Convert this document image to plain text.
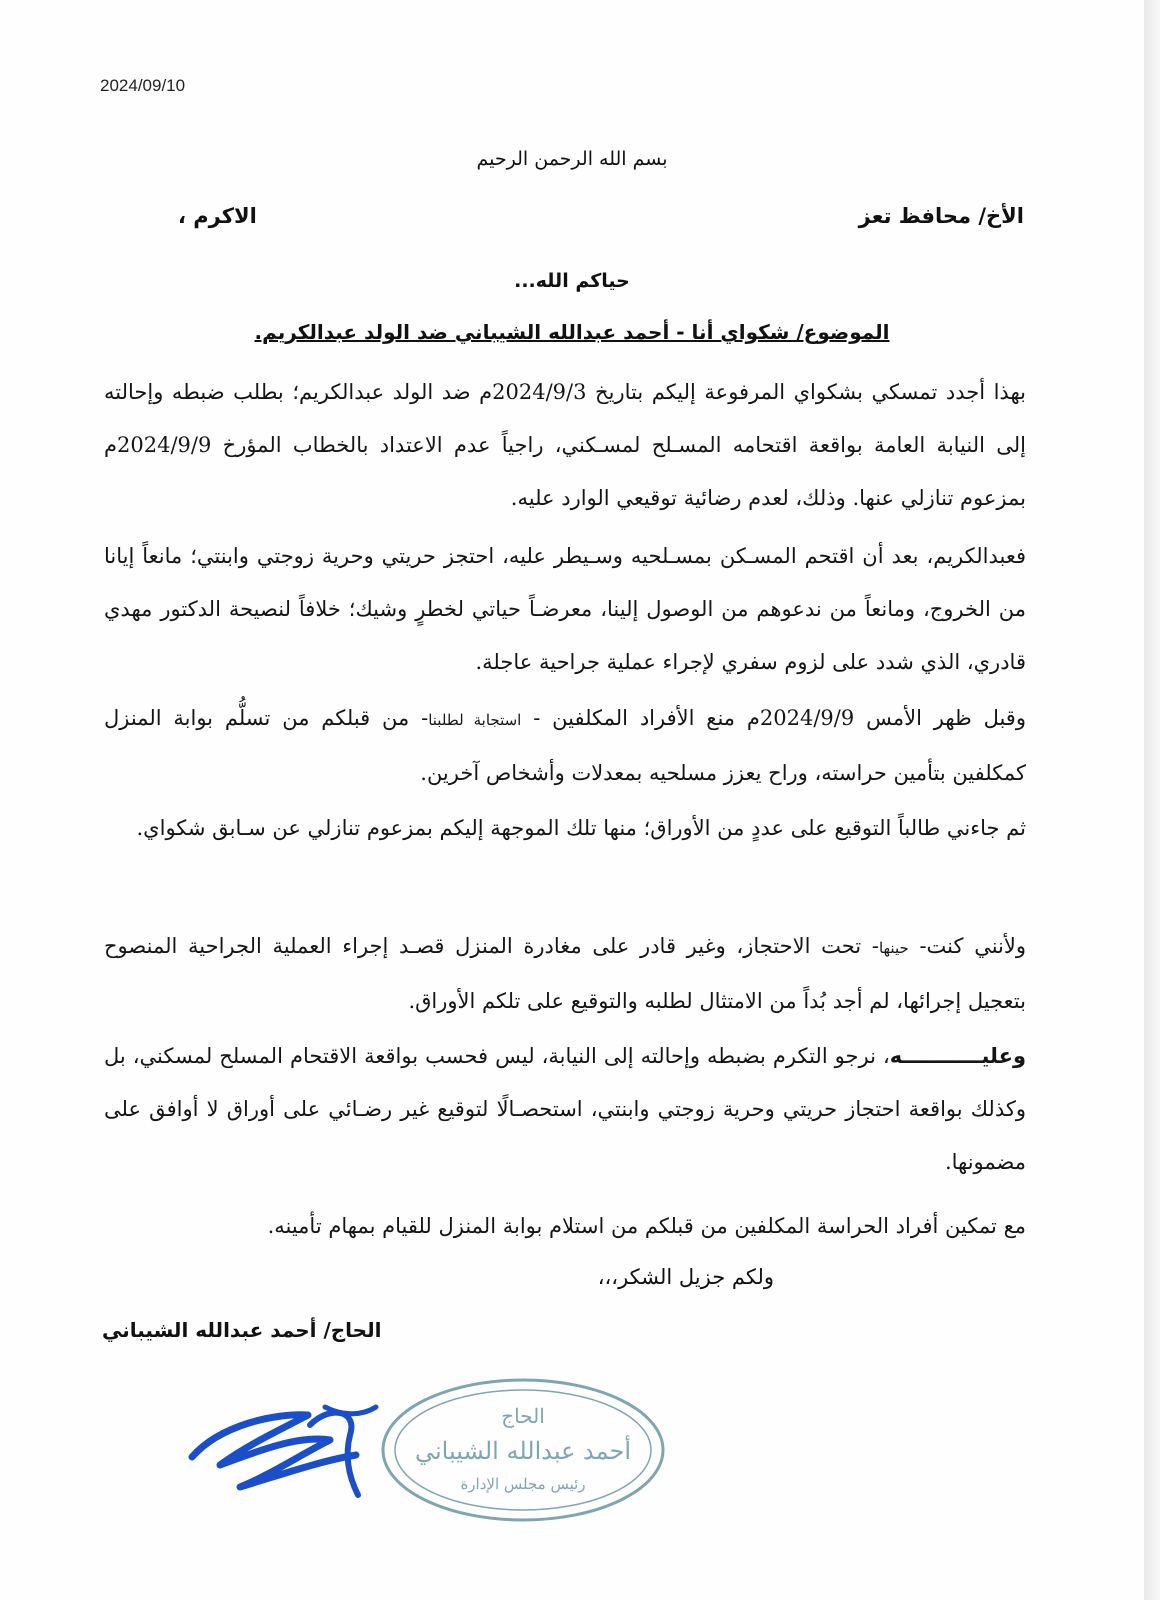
2024/09/10
بسم الله الرحمن الرحيم
الأخ/ محافظ تعز
الاكرم ،
حياكم الله...
الموضوع/ شكواي أنا - أحمد عبدالله الشيباني ضد الولد عبدالكريم.
بهذا أجدد تمسكي بشكواي المرفوعة إليكم بتاريخ 2024/9/3م ضد الولد عبدالكريم؛ بطلب ضبطه وإحالته إلى النيابة العامة بواقعة اقتحامه المسـلح لمسـكني، راجياً عدم الاعتداد بالخطاب المؤرخ 2024/9/9م بمزعوم تنازلي عنها. وذلك، لعدم رضائية توقيعي الوارد عليه.
فعبدالكريم، بعد أن اقتحم المسـكن بمسـلحيه وسـيطر عليه، احتجز حريتي وحرية زوجتي وابنتي؛ مانعاً إيانا من الخروج، ومانعاً من ندعوهم من الوصول إلينا، معرضـاً حياتي لخطرٍ وشيك؛ خلافاً لنصيحة الدكتور مهدي قادري، الذي شدد على لزوم سفري لإجراء عملية جراحية عاجلة.
وقبل ظهر الأمس 2024/9/9م منع الأفراد المكلفين - استجابة لطلبنا- من قبلكم من تسلُّم بوابة المنزل كمكلفين بتأمين حراسته، وراح يعزز مسلحيه بمعدلات وأشخاص آخرين.
ثم جاءني طالباً التوقيع على عددٍ من الأوراق؛ منها تلك الموجهة إليكم بمزعوم تنازلي عن سـابق شكواي.
ولأنني كنت- حينها- تحت الاحتجاز، وغير قادر على مغادرة المنزل قصـد إجراء العملية الجراحية المنصوح بتعجيل إجرائها، لم أجد بُداً من الامتثال لطلبه والتوقيع على تلكم الأوراق.
وعليـــــــــــه، نرجو التكرم بضبطه وإحالته إلى النيابة، ليس فحسب بواقعة الاقتحام المسلح لمسكني، بل وكذلك بواقعة احتجاز حريتي وحرية زوجتي وابنتي، استحصـالًا لتوقيع غير رضـائي على أوراق لا أوافق على مضمونها.
مع تمكين أفراد الحراسة المكلفين من قبلكم من استلام بوابة المنزل للقيام بمهام تأمينه.
ولكم جزيل الشكر،،،
الحاج/ أحمد عبدالله الشيباني
الحاج
أحمد عبدالله الشيباني
رئيس مجلس الإدارة
